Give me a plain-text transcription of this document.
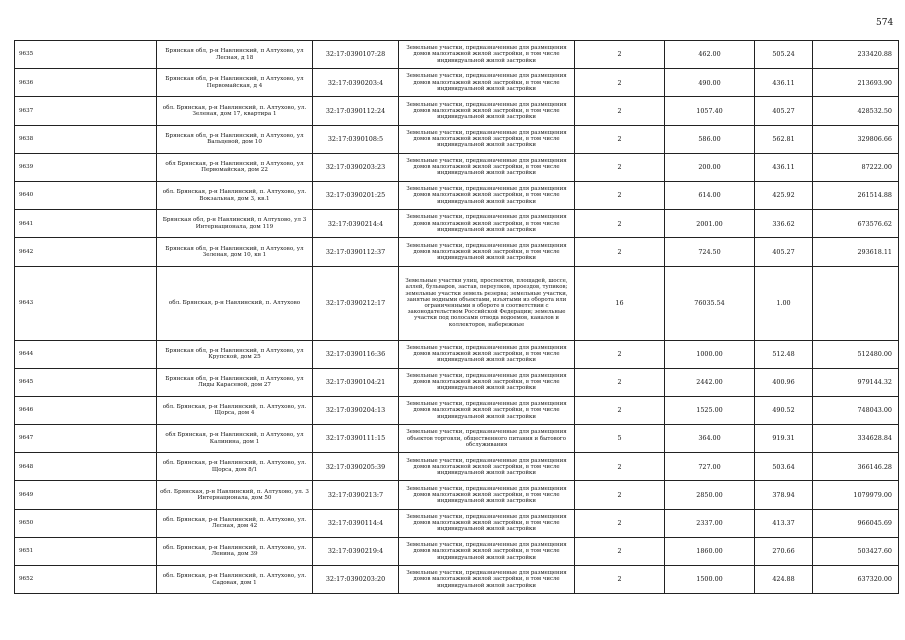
574
9635	Брянская обл, р-н Навлинский, п Алтухово, ул Лесная, д 18	32:17:0390107:28	Земельные участки, предназначенные для размещения домов малоэтажной жилой застройки, в том числе индивидуальной жилой застройки	2	462.00	505.24	233420.88
9636	Брянская обл, р-н Навлинский, п Алтухово, ул Первомайская, д 4	32:17:0390203:4	Земельные участки, предназначенные для размещения домов малоэтажной жилой застройки, в том числе индивидуальной жилой застройки	2	490.00	436.11	213693.90
9637	обл. Брянская, р-н Навлинский, п. Алтухово, ул. Зеленая, дом 17, квартира 1	32:17:0390112:24	Земельные участки, предназначенные для размещения домов малоэтажной жилой застройки, в том числе индивидуальной жилой застройки	2	1057.40	405.27	428532.50
9638	Брянская обл, р-н Навлинский, п Алтухово, ул Вальцевой, дом 10	32:17:0390108:5	Земельные участки, предназначенные для размещения домов малоэтажной жилой застройки, в том числе индивидуальной жилой застройки	2	586.00	562.81	329806.66
9639	обл Брянская, р-н Навлинский, п Алтухово, ул Первомайская, дом 22	32:17:0390203:23	Земельные участки, предназначенные для размещения домов малоэтажной жилой застройки, в том числе индивидуальной жилой застройки	2	200.00	436.11	87222.00
9640	обл. Брянская, р-н Навлинский, п. Алтухово, ул. Вокзальная, дом 3, кв.1	32:17:0390201:25	Земельные участки, предназначенные для размещения домов малоэтажной жилой застройки, в том числе индивидуальной жилой застройки	2	614.00	425.92	261514.88
9641	Брянская обл, р-н Навлинский, п Алтухово, ул 3 Интернационала, дом 119	32:17:0390214:4	Земельные участки, предназначенные для размещения домов малоэтажной жилой застройки, в том числе индивидуальной жилой застройки	2	2001.00	336.62	673576.62
9642	Брянская обл, р-н Навлинский, п Алтухово, ул Зеленая, дом 10, кв 1	32:17:0390112:37	Земельные участки, предназначенные для размещения домов малоэтажной жилой застройки, в том числе индивидуальной жилой застройки	2	724.50	405.27	293618.11
9643	обл. Брянская, р-н Навлинский, п. Алтухово	32:17:0390212:17	Земельные участки улиц, проспектов, площадей, шоссе, аллей, бульваров, застав, переулков, проездов, тупиков; земельные участки земель резерва; земельные участки, занятые водными объектами, изъятыми из оборота или ограниченными в обороте в соответствии с законодательством Российской Федерации; земельные участки под полосами отвода водоемов, каналов и коллекторов, набережные	16	76035.54	1.00	
9644	Брянская обл, р-н Навлинский, п Алтухово, ул Крупской, дом 25	32:17:0390116:36	Земельные участки, предназначенные для размещения домов малоэтажной жилой застройки, в том числе индивидуальной жилой застройки	2	1000.00	512.48	512480.00
9645	Брянская обл, р-н Навлинский, п Алтухово, ул Лиды Карасевой, дом 27	32:17:0390104:21	Земельные участки, предназначенные для размещения домов малоэтажной жилой застройки, в том числе индивидуальной жилой застройки	2	2442.00	400.96	979144.32
9646	обл. Брянская, р-н Навлинский, п. Алтухово, ул. Щорса, дом 4	32:17:0390204:13	Земельные участки, предназначенные для размещения домов малоэтажной жилой застройки, в том числе индивидуальной жилой застройки	2	1525.00	490.52	748043.00
9647	обл Брянская, р-н Навлинский, п Алтухово, ул Калинина, дом 1	32:17:0390111:15	Земельные участки, предназначенные для размещения объектов торговли, общественного питания и бытового обслуживания	5	364.00	919.31	334628.84
9648	обл. Брянская, р-н Навлинский, п. Алтухово, ул. Щорса, дом 8/1	32:17:0390205:39	Земельные участки, предназначенные для размещения домов малоэтажной жилой застройки, в том числе индивидуальной жилой застройки	2	727.00	503.64	366146.28
9649	обл. Брянская, р-н Навлинский, п. Алтухово, ул. 3 Интернационала, дом 50	32:17:0390213:7	Земельные участки, предназначенные для размещения домов малоэтажной жилой застройки, в том числе индивидуальной жилой застройки	2	2850.00	378.94	1079979.00
9650	обл. Брянская, р-н Навлинский, п. Алтухово, ул. Лесная, дом 42	32:17:0390114:4	Земельные участки, предназначенные для размещения домов малоэтажной жилой застройки, в том числе индивидуальной жилой застройки	2	2337.00	413.37	966045.69
9651	обл. Брянская, р-н Навлинский, п. Алтухово, ул. Ленина, дом 39	32:17:0390219:4	Земельные участки, предназначенные для размещения домов малоэтажной жилой застройки, в том числе индивидуальной жилой застройки	2	1860.00	270.66	503427.60
9652	обл. Брянская, р-н Навлинский, п. Алтухово, ул. Садовая, дом 1	32:17:0390203:20	Земельные участки, предназначенные для размещения домов малоэтажной жилой застройки, в том числе индивидуальной жилой застройки	2	1500.00	424.88	637320.00
